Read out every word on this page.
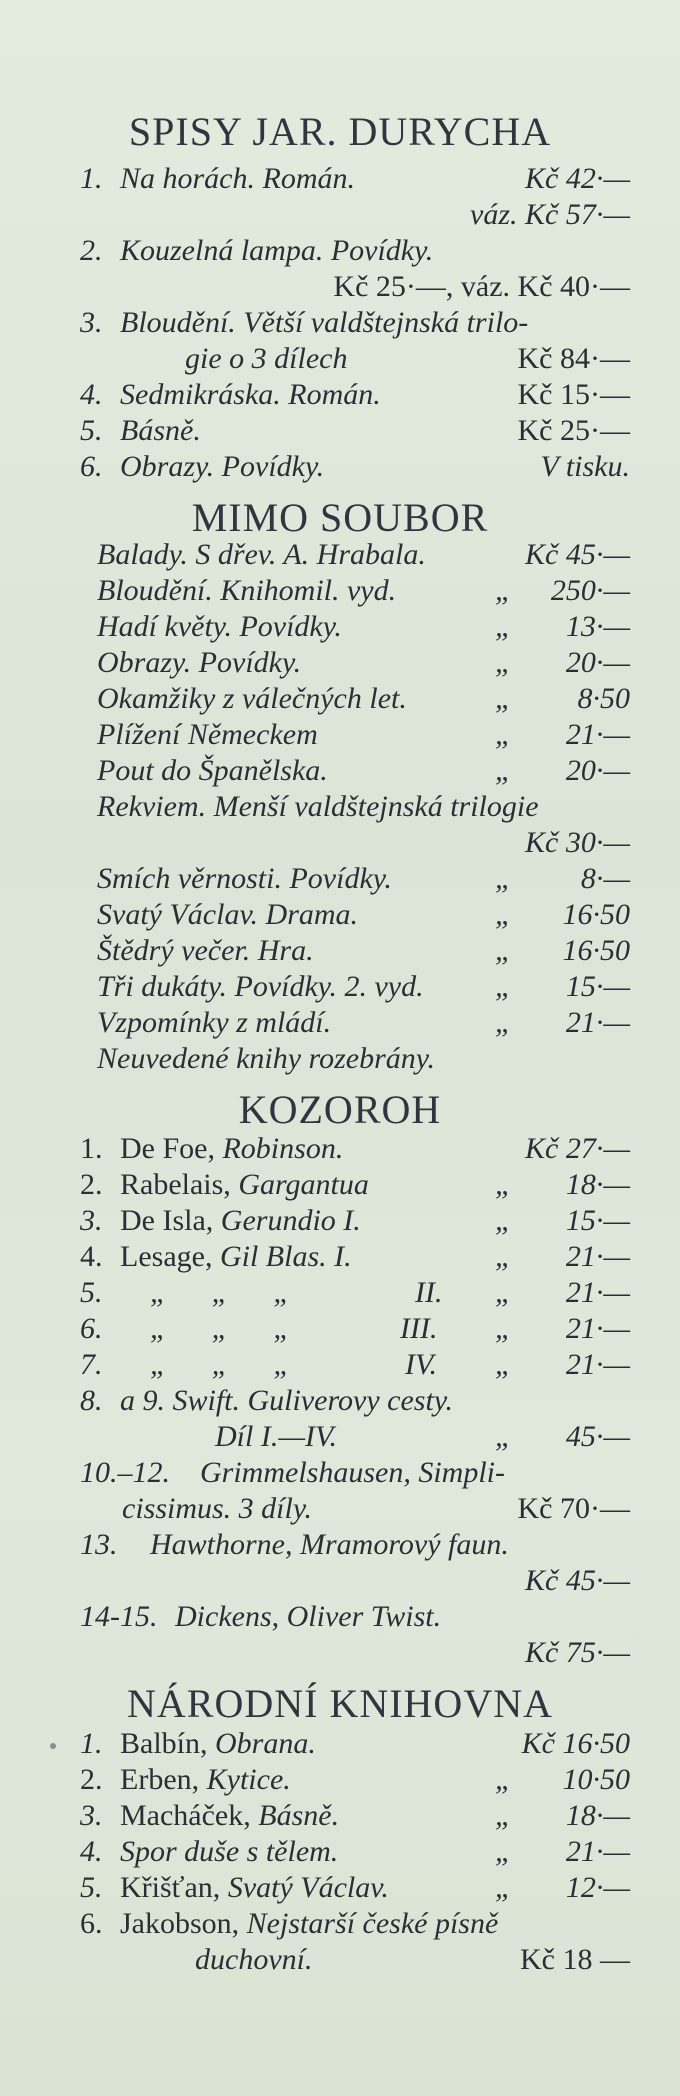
SPISY JAR. DURYCHA
1. Na horách. Román.	Kč 42·—
váz. Kč 57·—
2. Kouzelná lampa. Povídky.
Kč 25·—, váz. Kč 40·—
3. Bloudění. Větší valdštejnská trilo-
gie o 3 dílech	Kč 84·—
4. Sedmikráska. Román.	Kč 15·—
5. Básně.	Kč 25·—
6. Obrazy. Povídky.	V tisku.
MIMO SOUBOR
Balady. S dřev. A. Hrabala.	Kč 45·—
Bloudění. Knihomil. vyd.	„ 250·—
Hadí květy. Povídky.	„ 13·—
Obrazy. Povídky.	„ 20·—
Okamžiky z válečných let.	„ 8·50
Plížení Německem	„ 21·—
Pout do Španělska.	„ 20·—
Rekviem. Menší valdštejnská trilogie
Kč 30·—
Smích věrnosti. Povídky.	„ 8·—
Svatý Václav. Drama.	„ 16·50
Štědrý večer. Hra.	„ 16·50
Tři dukáty. Povídky. 2. vyd. „ 15·—
Vzpomínky z mládí.	„ 21·—
Neuvedené knihy rozebrány.
KOZOROH
1. De Foe, Robinson.	Kč 27·—
2. Rabelais, Gargantua	„ 18·—
3. De Isla, Gerundio I.	„ 15·—
4. Lesage, Gil Blas. I.	„ 21·—
5. „      „      „	II. „ 21·—
6. „      „      „	III. „ 21·—
7. „      „      „	IV. „ 21·—
8. a 9. Swift. Guliverovy cesty.
Díl I.—IV.	„ 45·—
10.–12. Grimmelshausen, Simpli-
cissimus. 3 díly.	Kč 70·—
13. Hawthorne, Mramorový faun.
Kč 45·—
14-15. Dickens, Oliver Twist.
Kč 75·—
NÁRODNÍ KNIHOVNA
1. Balbín, Obrana.	Kč 16·50
2. Erben, Kytice.	„ 10·50
3. Macháček, Básně.	„ 18·—
4. Spor duše s tělem.	„ 21·—
5. Křišťan, Svatý Václav.	„ 12·—
6. Jakobson, Nejstarší české písně
duchovní.	Kč 18 —
